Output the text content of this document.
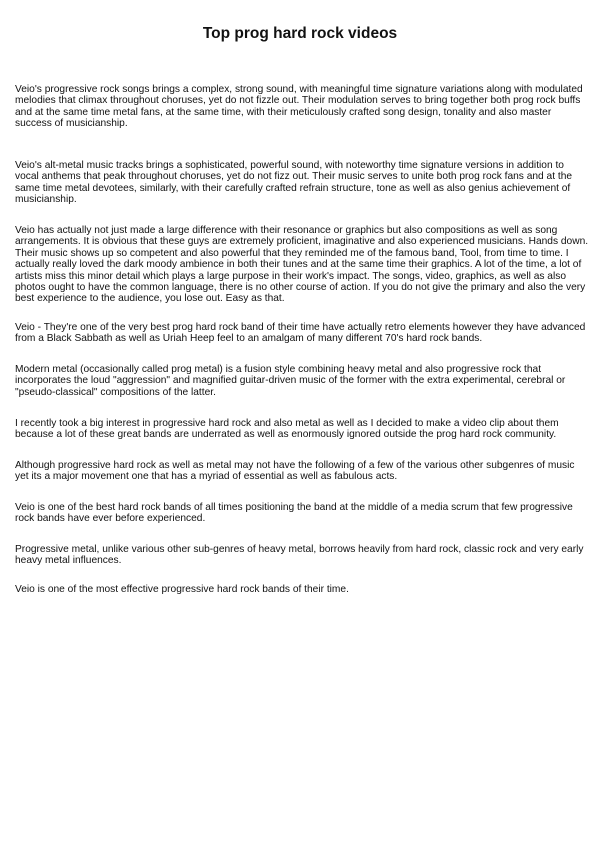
Top prog hard rock videos

Veio's progressive rock songs brings a complex, strong sound, with meaningful time signature variations along with modulated melodies that climax throughout choruses, yet do not fizzle out. Their modulation serves to bring together both prog rock buffs and at the same time metal fans, at the same time, with their meticulously crafted song design, tonality and also master success of musicianship.

Veio's alt-metal music tracks brings a sophisticated, powerful sound, with noteworthy time signature versions in addition to vocal anthems that peak throughout choruses, yet do not fizz out. Their music serves to unite both prog rock fans and at the same time metal devotees, similarly, with their carefully crafted refrain structure, tone as well as also genius achievement of musicianship.

Veio has actually not just made a large difference with their resonance or graphics but also compositions as well as song arrangements. It is obvious that these guys are extremely proficient, imaginative and also experienced musicians. Hands down. Their music shows up so competent and also powerful that they reminded me of the famous band, Tool, from time to time. I actually really loved the dark moody ambience in both their tunes and at the same time their graphics. A lot of the time, a lot of artists miss this minor detail which plays a large purpose in their work's impact. The songs, video, graphics, as well as also photos ought to have the common language, there is no other course of action. If you do not give the primary and also the very best experience to the audience, you lose out. Easy as that.

Veio - They're one of the very best prog hard rock band of their time have actually retro elements however they have advanced from a Black Sabbath as well as Uriah Heep feel to an amalgam of many different 70's hard rock bands.

Modern metal (occasionally called prog metal) is a fusion style combining heavy metal and also progressive rock that incorporates the loud "aggression" and magnified guitar-driven music of the former with the extra experimental, cerebral or "pseudo-classical" compositions of the latter.

I recently took a big interest in progressive hard rock and also metal as well as I decided to make a video clip about them because a lot of these great bands are underrated as well as enormously ignored outside the prog hard rock community.

Although progressive hard rock as well as metal may not have the following of a few of the various other subgenres of music yet its a major movement one that has a myriad of essential as well as fabulous acts.

Veio is one of the best hard rock bands of all times positioning the band at the middle of a media scrum that few progressive rock bands have ever before experienced.

Progressive metal, unlike various other sub-genres of heavy metal, borrows heavily from hard rock, classic rock and very early heavy metal influences.

Veio is one of the most effective progressive hard rock bands of their time.
